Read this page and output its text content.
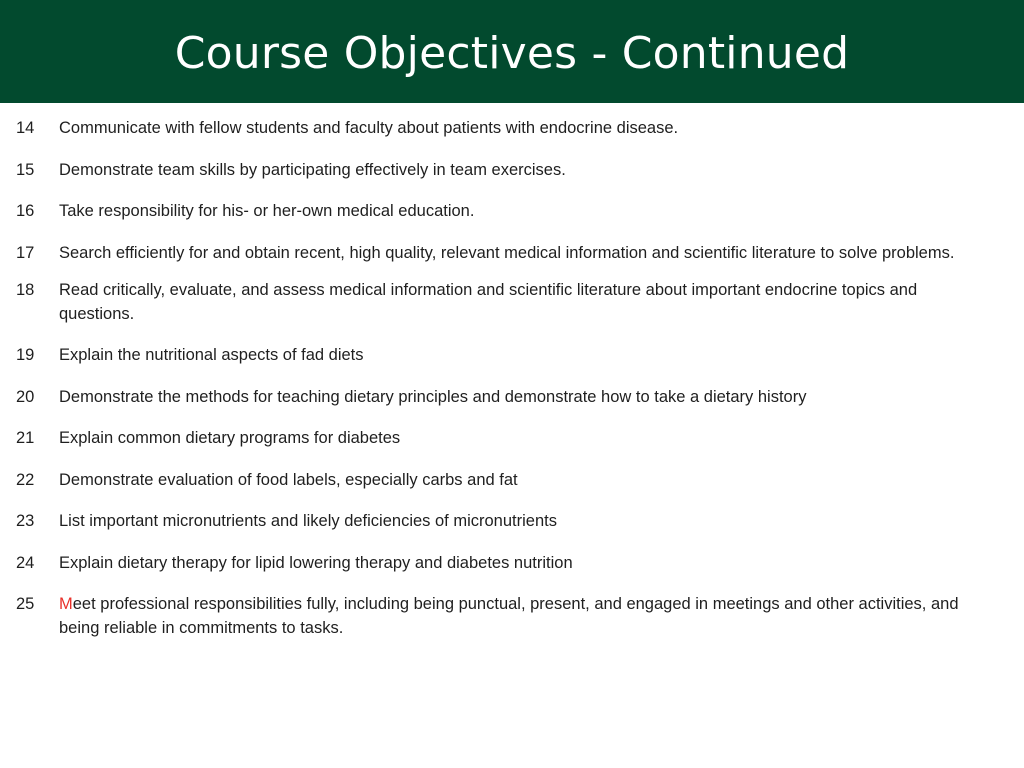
Course Objectives - Continued
14	Communicate with fellow students and faculty about patients with endocrine disease.
15	Demonstrate team skills by participating effectively in team exercises.
16	Take responsibility for his- or her-own medical education.
17	Search efficiently for and obtain recent, high quality, relevant medical information and scientific literature to solve problems.
18	Read critically, evaluate, and assess medical information and scientific literature about important endocrine topics and questions.
19	Explain the nutritional aspects of fad diets
20	Demonstrate the methods for teaching dietary principles and demonstrate how to take a dietary history
21	Explain common dietary programs for diabetes
22	Demonstrate evaluation of food labels, especially carbs and fat
23	List important micronutrients and likely deficiencies of micronutrients
24	Explain dietary therapy for lipid lowering therapy and diabetes nutrition
25	Meet professional responsibilities fully, including being punctual, present, and engaged in meetings and other activities, and being reliable in commitments to tasks.
